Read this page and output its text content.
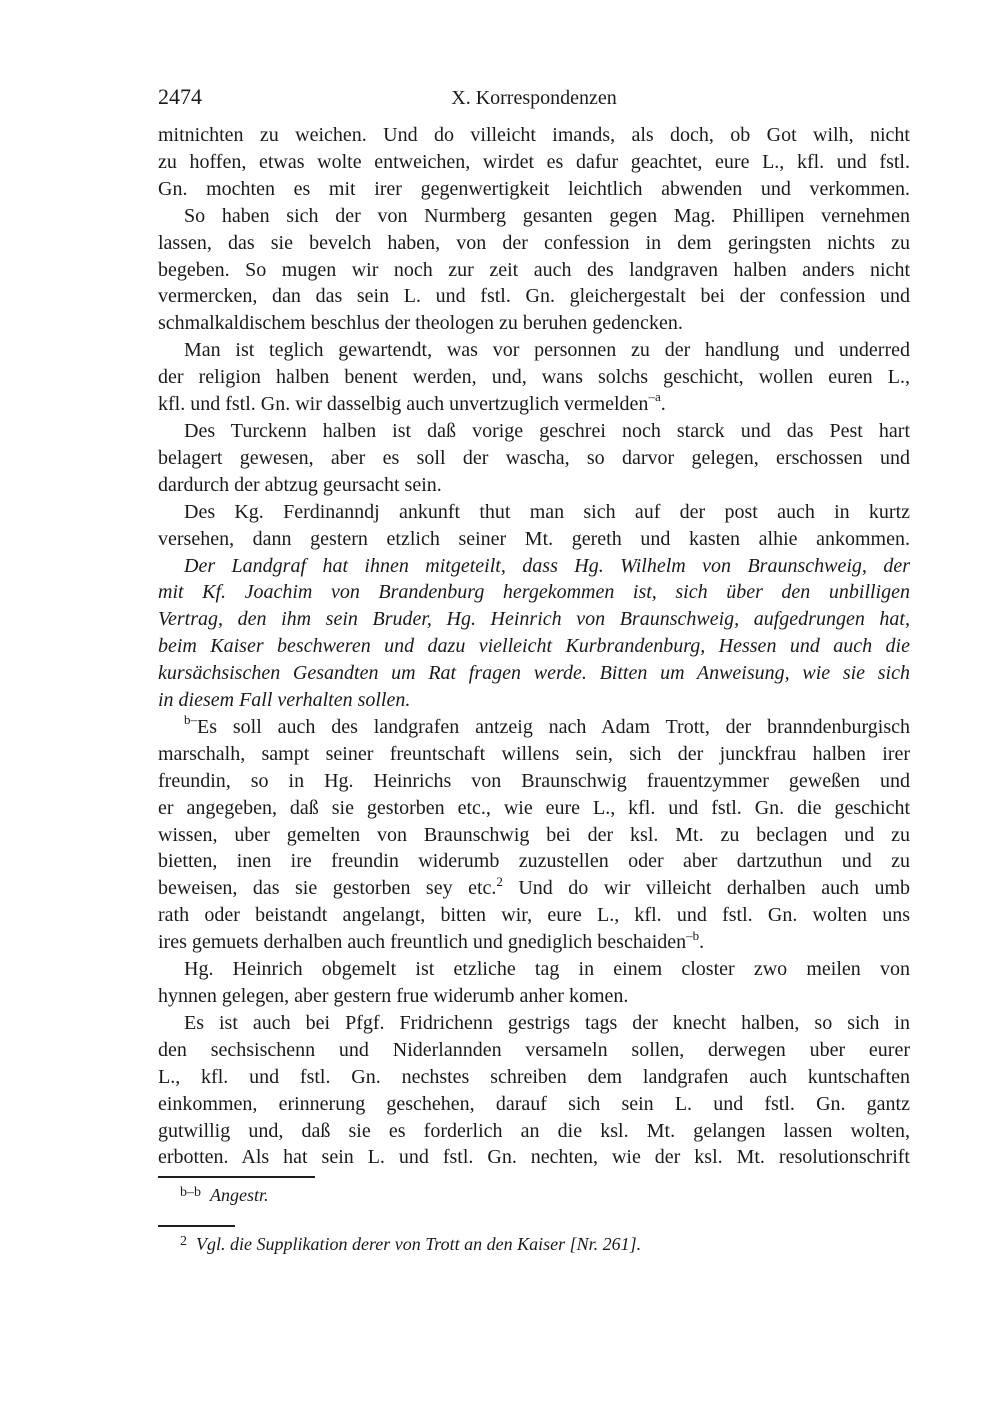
2474	X. Korrespondenzen
mitnichten zu weichen. Und do villeicht imands, als doch, ob Got wilh, nicht
zu hoffen, etwas wolte entweichen, wirdet es dafur geachtet, eure L., kfl. und fstl.
Gn. mochten es mit irer gegenwertigkeit leichtlich abwenden und verkommen.
So haben sich der von Nurmberg gesanten gegen Mag. Phillipen vernehmen
lassen, das sie bevelch haben, von der confession in dem geringsten nichts zu
begeben. So mugen wir noch zur zeit auch des landgraven halben anders nicht
vermercken, dan das sein L. und fstl. Gn. gleichergestalt bei der confession und
schmalkaldischem beschlus der theologen zu beruhen gedencken.
Man ist teglich gewartendt, was vor personnen zu der handlung und underred
der religion halben benent werden, und, wans solchs geschicht, wollen euren L.,
kfl. und fstl. Gn. wir dasselbig auch unvertzuglich vermelden$^{-a}$.
Des Turckenn halben ist daß vorige geschrei noch starck und das Pest hart
belagert gewesen, aber es soll der wascha, so darvor gelegen, erschossen und
dardurch der abtzug geursacht sein.
Des Kg. Ferdinanndj ankunft thut man sich auf der post auch in kurtz
versehen, dann gestern etzlich seiner Mt. gereth und kasten alhie ankommen.
Der Landgraf hat ihnen mitgeteilt, dass Hg. Wilhelm von Braunschweig, der
mit Kf. Joachim von Brandenburg hergekommen ist, sich über den unbilligen
Vertrag, den ihm sein Bruder, Hg. Heinrich von Braunschweig, aufgedrungen hat,
beim Kaiser beschweren und dazu vielleicht Kurbrandenburg, Hessen und auch die
kursächsischen Gesandten um Rat fragen werde. Bitten um Anweisung, wie sie sich
in diesem Fall verhalten sollen.
$^{b-}$Es soll auch des landgrafen antzeig nach Adam Trott, der branndenburgisch
marschalh, sampt seiner freuntschaft willens sein, sich der junckfrau halben irer
freundin, so in Hg. Heinrichs von Braunschwig frauentzymmer geweßen und
er angegeben, daß sie gestorben etc., wie eure L., kfl. und fstl. Gn. die geschicht
wissen, uber gemelten von Braunschwig bei der ksl. Mt. zu beclagen und zu
bietten, inen ire freundin widerumb zuzustellen oder aber dartzuthun und zu
beweisen, das sie gestorben sey etc.$^2$ Und do wir villeicht derhalben auch umb
rath oder beistandt angelangt, bitten wir, eure L., kfl. und fstl. Gn. wolten uns
ires gemuets derhalben auch freuntlich und gnediglich beschaiden$^{-b}$.
Hg. Heinrich obgemelt ist etzliche tag in einem closter zwo meilen von
hynnen gelegen, aber gestern frue widerumb anher komen.
Es ist auch bei Pfgf. Fridrichenn gestrigs tags der knecht halben, so sich in
den sechsischenn und Niderlannden versameln sollen, derwegen uber eurer
L., kfl. und fstl. Gn. nechstes schreiben dem landgrafen auch kuntschaften
einkommen, erinnerung geschehen, darauf sich sein L. und fstl. Gn. gantz
gutwillig und, daß sie es forderlich an die ksl. Mt. gelangen lassen wolten,
erbotten. Als hat sein L. und fstl. Gn. nechten, wie der ksl. Mt. resolutionschrift
$^{b-b}$ Angestr.
$^2$ Vgl. die Supplikation derer von Trott an den Kaiser [Nr. 261].
